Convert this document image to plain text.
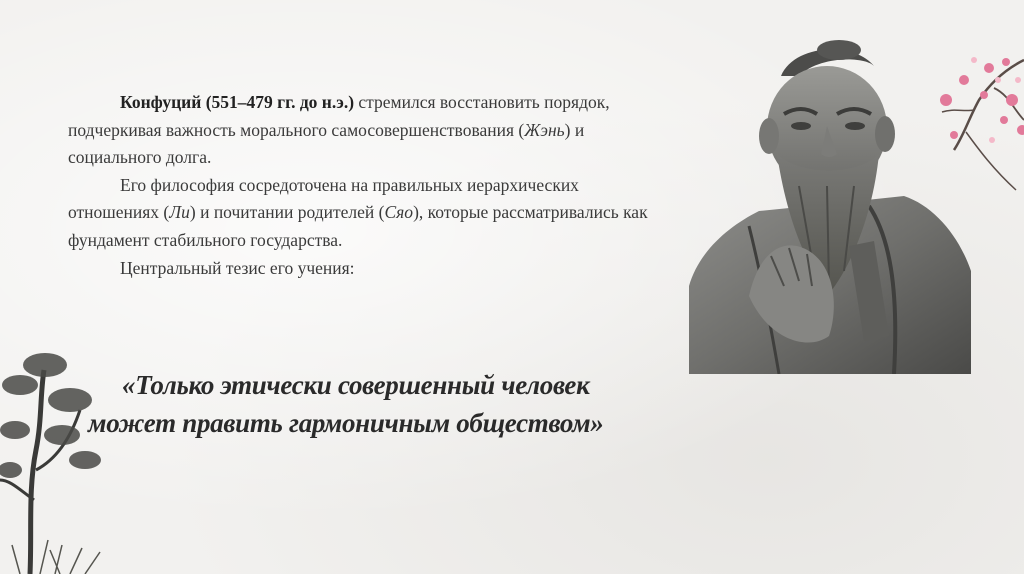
Конфуций (551–479 гг. до н.э.) стремился восстановить порядок, подчеркивая важность морального самосовершенствования (Жэнь) и социального долга.

Его философия сосредоточена на правильных иерархических отношениях (Ли) и почитании родителей (Сяо), которые рассматривались как фундамент стабильного государства.

Центральный тезис его учения:

«Только этически совершенный человек
может править гармоничным обществом»
